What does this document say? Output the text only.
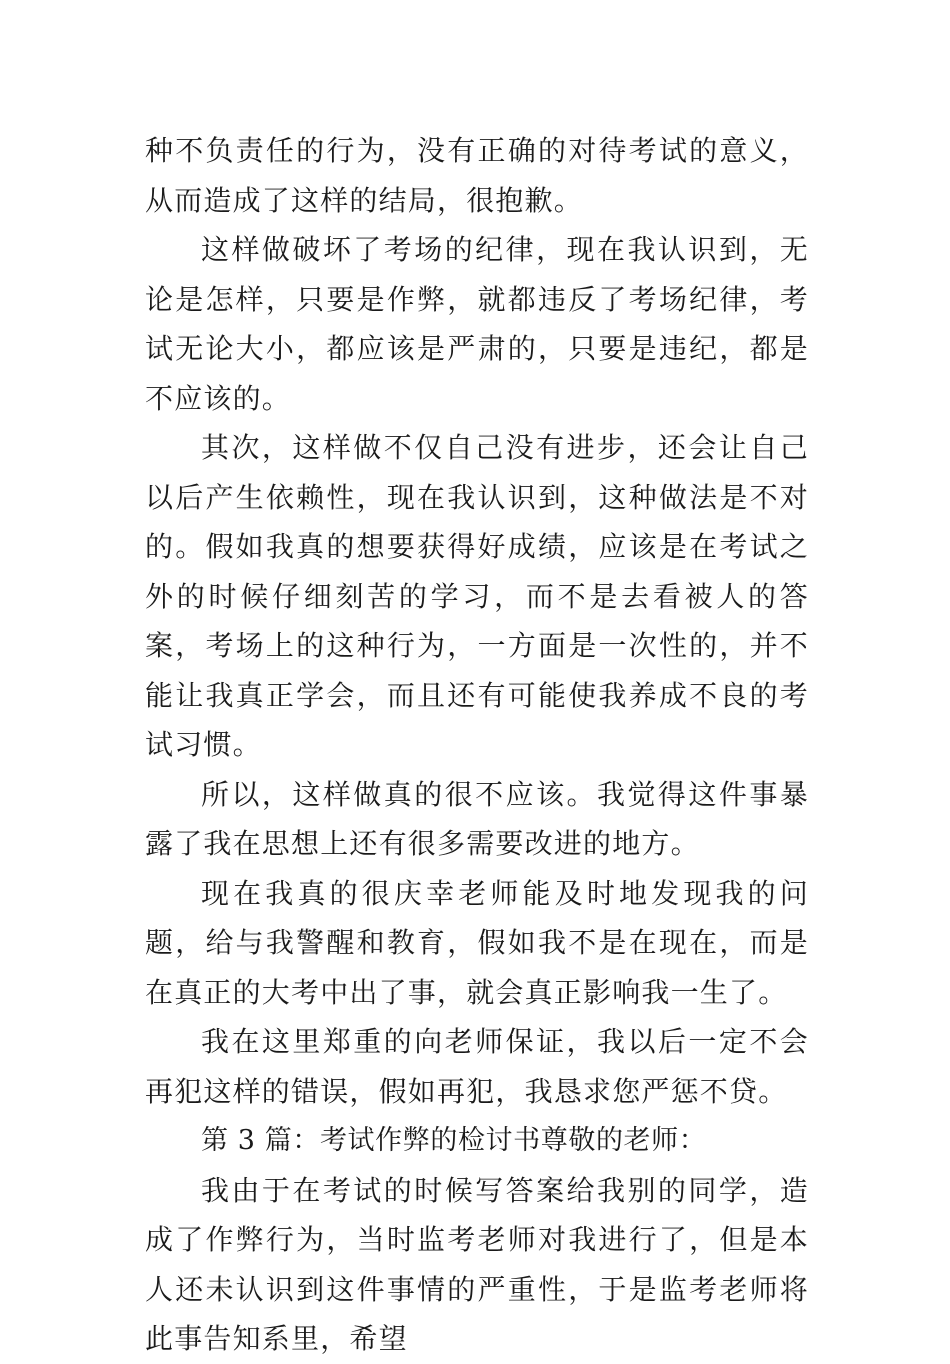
种不负责任的行为，没有正确的对待考试的意义，从而造成了这样的结局，很抱歉。

这样做破坏了考场的纪律，现在我认识到，无论是怎样，只要是作弊，就都违反了考场纪律，考试无论大小，都应该是严肃的，只要是违纪，都是不应该的。

其次，这样做不仅自己没有进步，还会让自己以后产生依赖性，现在我认识到，这种做法是不对的。假如我真的想要获得好成绩，应该是在考试之外的时候仔细刻苦的学习，而不是去看被人的答案，考场上的这种行为，一方面是一次性的，并不能让我真正学会，而且还有可能使我养成不良的考试习惯。

所以，这样做真的很不应该。我觉得这件事暴露了我在思想上还有很多需要改进的地方。

现在我真的很庆幸老师能及时地发现我的问题，给与我警醒和教育，假如我不是在现在，而是在真正的大考中出了事，就会真正影响我一生了。

我在这里郑重的向老师保证，我以后一定不会再犯这样的错误，假如再犯，我恳求您严惩不贷。

第 3 篇：考试作弊的检讨书尊敬的老师：

我由于在考试的时候写答案给我别的同学，造成了作弊行为，当时监考老师对我进行了，但是本人还未认识到这件事情的严重性，于是监考老师将此事告知系里，希望
